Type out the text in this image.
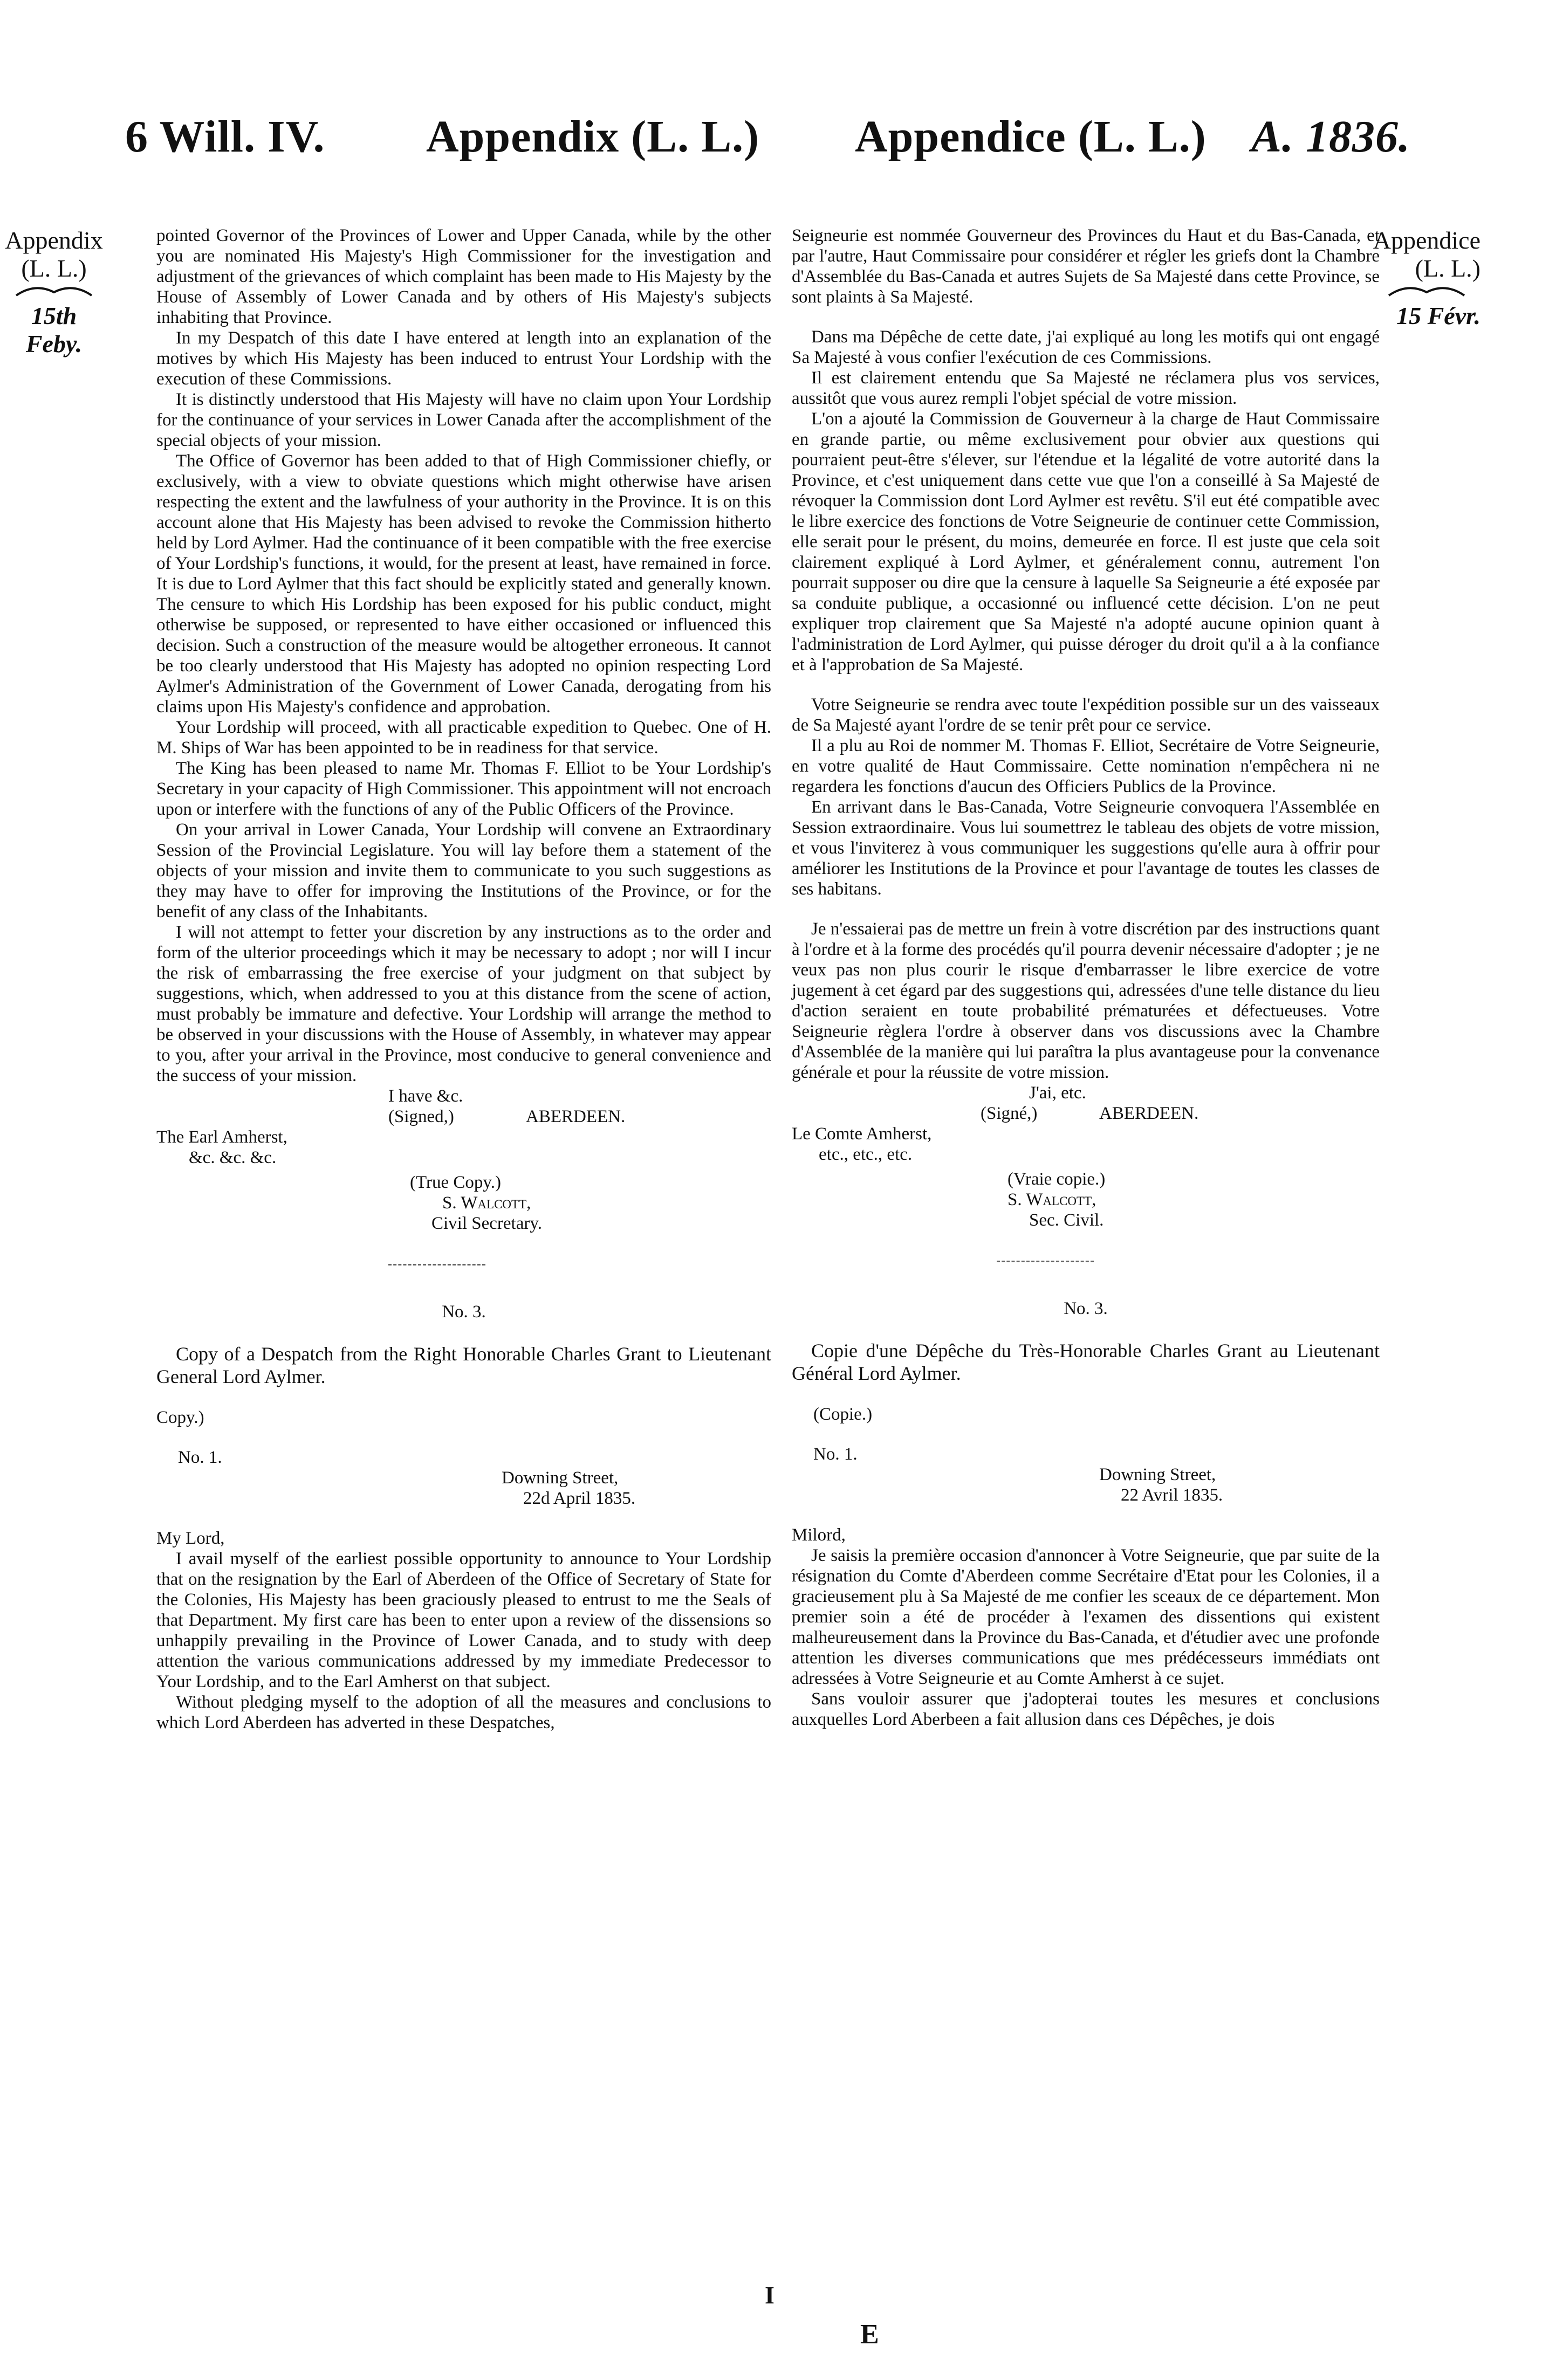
6 Will. IV. Appendix (L. L.) Appendice (L. L.) A. 1836.
Appendix
(L. L.)
15th Feby.
Appendice
(L. L.)
15 Févr.

pointed Governor of the Provinces of Lower and Upper Canada, while by the other you are nominated His Majesty's High Commissioner for the investigation and adjustment of the grievances of which complaint has been made to His Majesty by the House of Assembly of Lower Canada and by others of His Majesty's subjects inhabiting that Province.

In my Despatch of this date I have entered at length into an explanation of the motives by which His Majesty has been induced to entrust Your Lordship with the execution of these Commissions.

It is distinctly understood that His Majesty will have no claim upon Your Lordship for the continuance of your services in Lower Canada after the accomplishment of the special objects of your mission.

The Office of Governor has been added to that of High Commissioner chiefly, or exclusively, with a view to obviate questions which might otherwise have arisen respecting the extent and the lawfulness of your authority in the Province. It is on this account alone that His Majesty has been advised to revoke the Commission hitherto held by Lord Aylmer. Had the continuance of it been compatible with the free exercise of Your Lordship's functions, it would, for the present at least, have remained in force. It is due to Lord Aylmer that this fact should be explicitly stated and generally known. The censure to which His Lordship has been exposed for his public conduct, might otherwise be supposed, or represented to have either occasioned or influenced this decision. Such a construction of the measure would be altogether erroneous. It cannot be too clearly understood that His Majesty has adopted no opinion respecting Lord Aylmer's Administration of the Government of Lower Canada, derogating from his claims upon His Majesty's confidence and approbation.

Your Lordship will proceed, with all practicable expedition to Quebec. One of H. M. Ships of War has been appointed to be in readiness for that service.

The King has been pleased to name Mr. Thomas F. Elliot to be Your Lordship's Secretary in your capacity of High Commissioner. This appointment will not encroach upon or interfere with the functions of any of the Public Officers of the Province.

On your arrival in Lower Canada, Your Lordship will convene an Extraordinary Session of the Provincial Legislature. You will lay before them a statement of the objects of your mission and invite them to communicate to you such suggestions as they may have to offer for improving the Institutions of the Province, or for the benefit of any class of the Inhabitants.

I will not attempt to fetter your discretion by any instructions as to the order and form of the ulterior proceedings which it may be necessary to adopt ; nor will I incur the risk of embarrassing the free exercise of your judgment on that subject by suggestions, which, when addressed to you at this distance from the scene of action, must probably be immature and defective. Your Lordship will arrange the method to be observed in your discussions with the House of Assembly, in whatever may appear to you, after your arrival in the Province, most conducive to general convenience and the success of your mission.

I have &c.
(Signed,)	ABERDEEN.
The Earl Amherst,
&c. &c. &c.
(True Copy.)
S. Walcott,
Civil Secretary.
No. 3.

Copy of a Despatch from the Right Honorable Charles Grant to Lieutenant General Lord Aylmer.

Copy.)
No. 1.
Downing Street,
22d April 1835.
My Lord,

I avail myself of the earliest possible opportunity to announce to Your Lordship that on the resignation by the Earl of Aberdeen of the Office of Secretary of State for the Colonies, His Majesty has been graciously pleased to entrust to me the Seals of that Department. My first care has been to enter upon a review of the dissensions so unhappily prevailing in the Province of Lower Canada, and to study with deep attention the various communications addressed by my immediate Predecessor to Your Lordship, and to the Earl Amherst on that subject.

Without pledging myself to the adoption of all the measures and conclusions to which Lord Aberdeen has adverted in these Despatches,

Seigneurie est nommée Gouverneur des Provinces du Haut et du Bas-Canada, et par l'autre, Haut Commissaire pour considérer et régler les griefs dont la Chambre d'Assemblée du Bas-Canada et autres Sujets de Sa Majesté dans cette Province, se sont plaints à Sa Majesté.

Dans ma Dépêche de cette date, j'ai expliqué au long les motifs qui ont engagé Sa Majesté à vous confier l'exécution de ces Commissions.

Il est clairement entendu que Sa Majesté ne réclamera plus vos services, aussitôt que vous aurez rempli l'objet spécial de votre mission.

L'on a ajouté la Commission de Gouverneur à la charge de Haut Commissaire en grande partie, ou même exclusivement pour obvier aux questions qui pourraient peut-être s'élever, sur l'étendue et la légalité de votre autorité dans la Province, et c'est uniquement dans cette vue que l'on a conseillé à Sa Majesté de révoquer la Commission dont Lord Aylmer est revêtu. S'il eut été compatible avec le libre exercice des fonctions de Votre Seigneurie de continuer cette Commission, elle serait pour le présent, du moins, demeurée en force. Il est juste que cela soit clairement expliqué à Lord Aylmer, et généralement connu, autrement l'on pourrait supposer ou dire que la censure à laquelle Sa Seigneurie a été exposée par sa conduite publique, a occasionné ou influencé cette décision. L'on ne peut expliquer trop clairement que Sa Majesté n'a adopté aucune opinion quant à l'administration de Lord Aylmer, qui puisse déroger du droit qu'il a à la confiance et à l'approbation de Sa Majesté.

Votre Seigneurie se rendra avec toute l'expédition possible sur un des vaisseaux de Sa Majesté ayant l'ordre de se tenir prêt pour ce service.

Il a plu au Roi de nommer M. Thomas F. Elliot, Secrétaire de Votre Seigneurie, en votre qualité de Haut Commissaire. Cette nomination n'empêchera ni ne regardera les fonctions d'aucun des Officiers Publics de la Province.

En arrivant dans le Bas-Canada, Votre Seigneurie convoquera l'Assemblée en Session extraordinaire. Vous lui soumettrez le tableau des objets de votre mission, et vous l'inviterez à vous communiquer les suggestions qu'elle aura à offrir pour améliorer les Institutions de la Province et pour l'avantage de toutes les classes de ses habitans.

Je n'essaierai pas de mettre un frein à votre discrétion par des instructions quant à l'ordre et à la forme des procédés qu'il pourra devenir nécessaire d'adopter ; je ne veux pas non plus courir le risque d'embarrasser le libre exercice de votre jugement à cet égard par des suggestions qui, adressées d'une telle distance du lieu d'action seraient en toute probabilité prématurées et défectueuses. Votre Seigneurie règlera l'ordre à observer dans vos discussions avec la Chambre d'Assemblée de la manière qui lui paraîtra la plus avantageuse pour la convenance générale et pour la réussite de votre mission.

J'ai, etc.
(Signé,)	ABERDEEN.
Le Comte Amherst,
etc., etc., etc.
(Vraie copie.)
S. Walcott,
Sec. Civil.
No. 3.

Copie d'une Dépêche du Très-Honorable Charles Grant au Lieutenant Général Lord Aylmer.

(Copie.)
No. 1.
Downing Street,
22 Avril 1835.
Milord,

Je saisis la première occasion d'annoncer à Votre Seigneurie, que par suite de la résignation du Comte d'Aberdeen comme Secrétaire d'Etat pour les Colonies, il a gracieusement plu à Sa Majesté de me confier les sceaux de ce département. Mon premier soin a été de procéder à l'examen des dissentions qui existent malheureusement dans la Province du Bas-Canada, et d'étudier avec une profonde attention les diverses communications que mes prédécesseurs immédiats ont adressées à Votre Seigneurie et au Comte Amherst à ce sujet.

Sans vouloir assurer que j'adopterai toutes les mesures et conclusions auxquelles Lord Aberbeen a fait allusion dans ces Dépêches, je dois

I
E
